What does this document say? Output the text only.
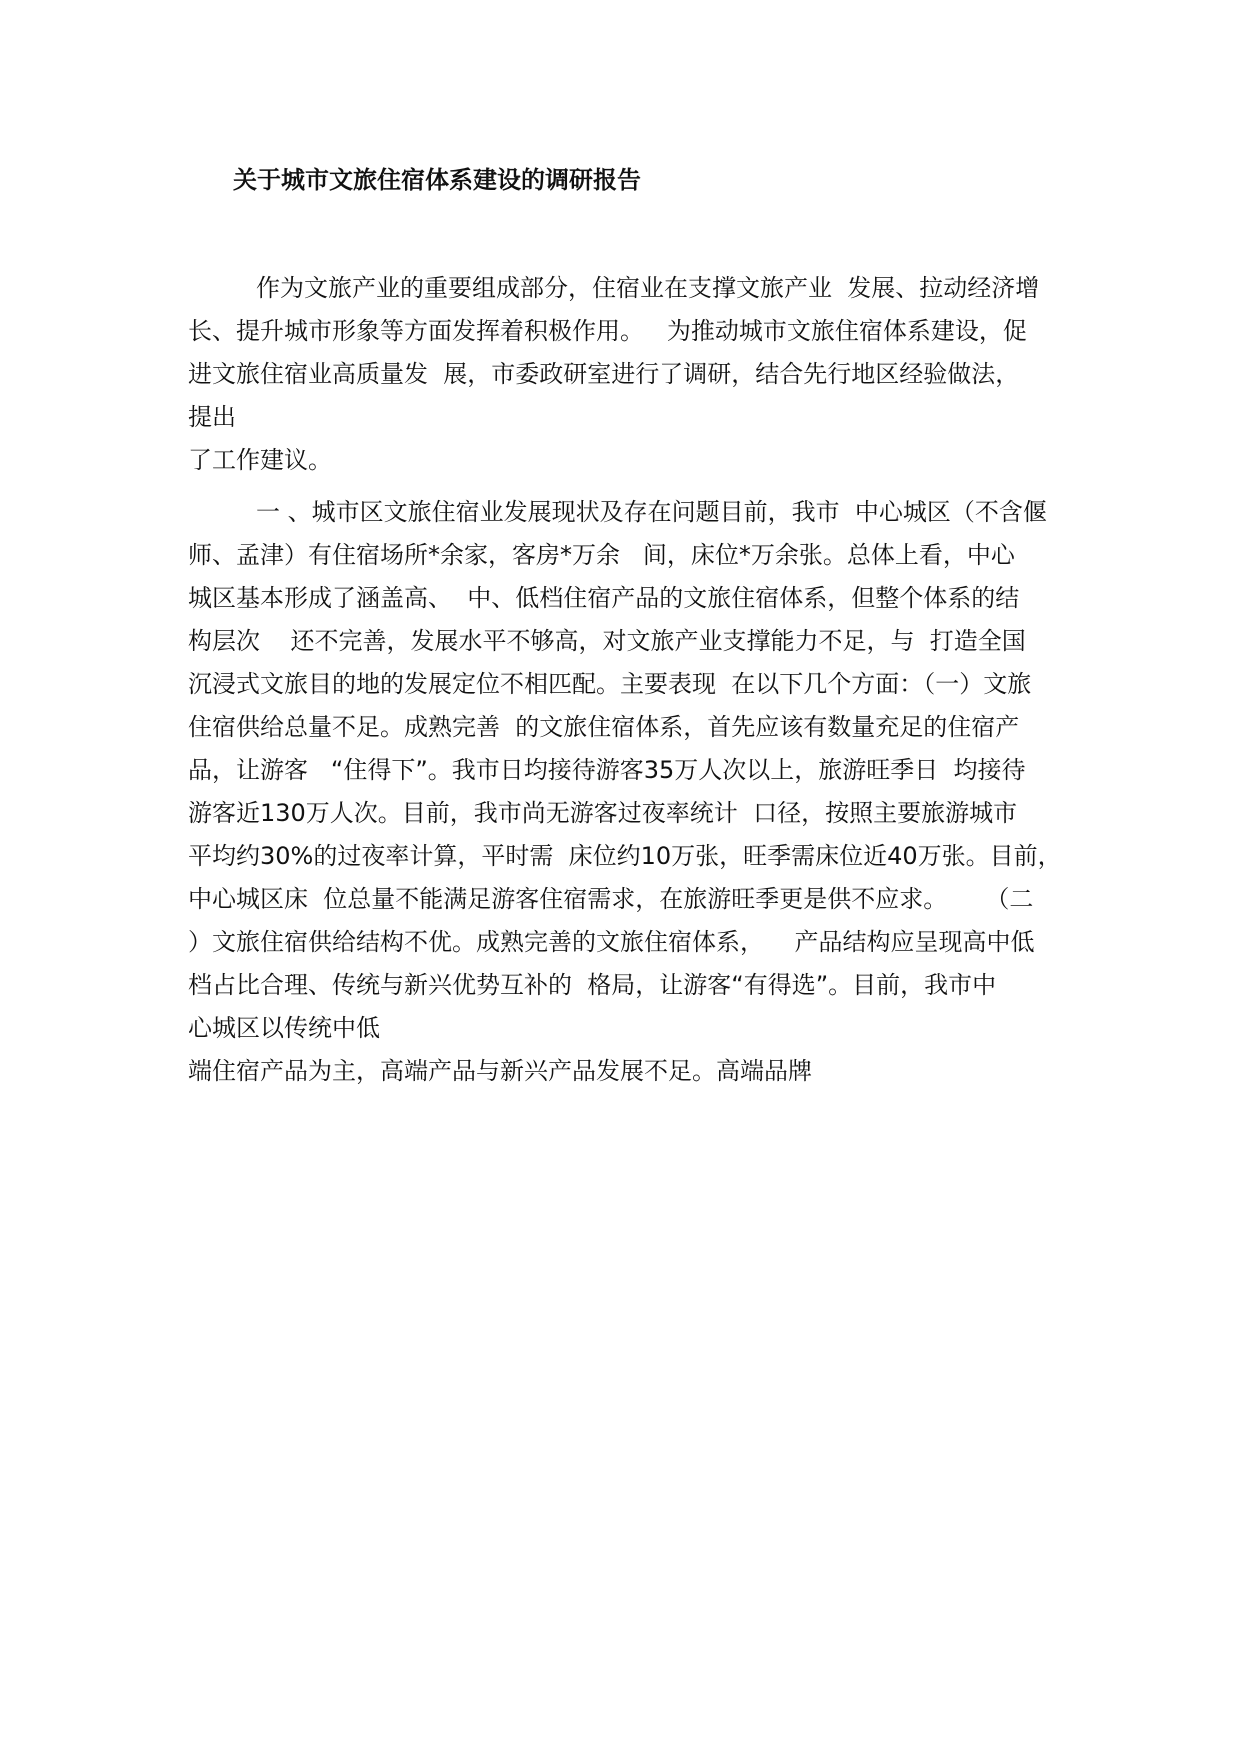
关于城市文旅住宿体系建设的调研报告
作为文旅产业的重要组成部分，住宿业在支撑文旅产业  发展、拉动经济增
长、提升城市形象等方面发挥着积极作用。   为推动城市文旅住宿体系建设，促
进文旅住宿业高质量发  展，市委政研室进行了调研，结合先行地区经验做法，
提出
了工作建议。
一 、城市区文旅住宿业发展现状及存在问题目前，我市  中心城区（不含偃
师、孟津）有住宿场所*余家，客房*万余   间，床位*万余张。总体上看，中心
城区基本形成了涵盖高、  中、低档住宿产品的文旅住宿体系，但整个体系的结
构层次    还不完善，发展水平不够高，对文旅产业支撑能力不足，与  打造全国
沉浸式文旅目的地的发展定位不相匹配。主要表现  在以下几个方面：（一）文旅
住宿供给总量不足。成熟完善  的文旅住宿体系，首先应该有数量充足的住宿产
品，让游客   “住得下”。我市日均接待游客35万人次以上，旅游旺季日  均接待
游客近130万人次。目前，我市尚无游客过夜率统计  口径，按照主要旅游城市
平均约30%的过夜率计算，平时需  床位约10万张，旺季需床位近40万张。目前，
中心城区床  位总量不能满足游客住宿需求，在旅游旺季更是供不应求。     （二
）文旅住宿供给结构不优。成熟完善的文旅住宿体系，    产品结构应呈现高中低
档占比合理、传统与新兴优势互补的  格局，让游客“有得选”。目前，我市中
心城区以传统中低
端住宿产品为主，高端产品与新兴产品发展不足。高端品牌
